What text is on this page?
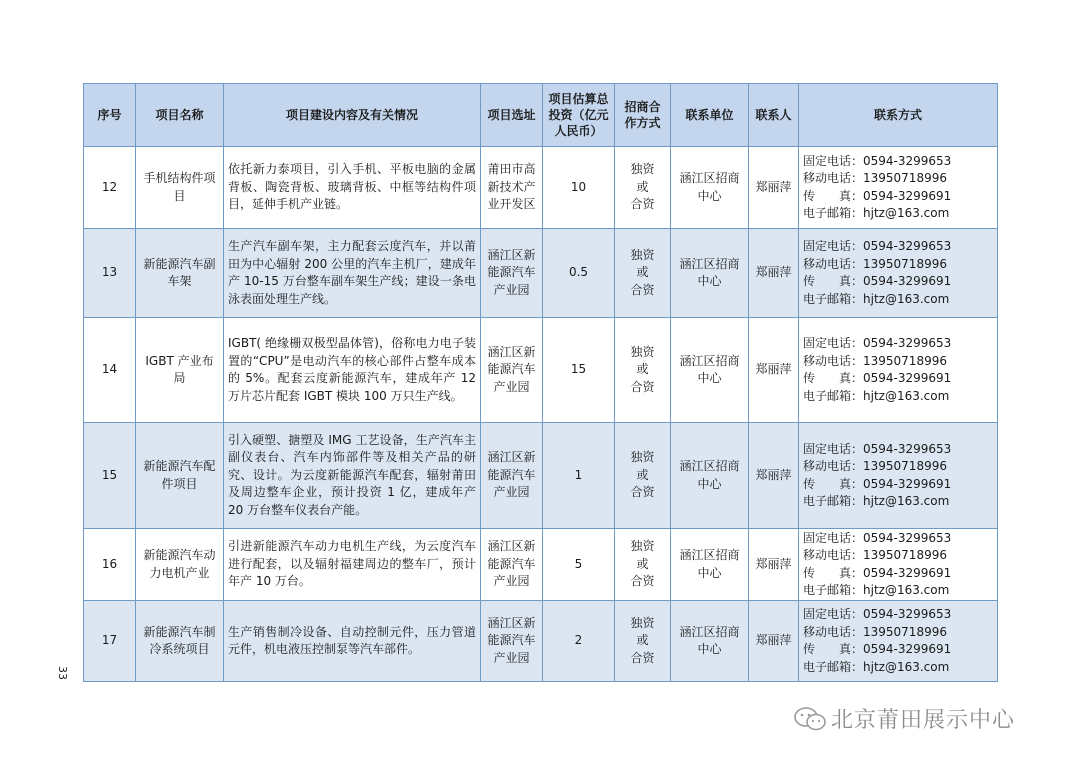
序号	项目名称	项目建设内容及有关情况	项目选址	项目估算总投资（亿元人民币）	招商合作方式	联系单位	联系人	联系方式
12	手机结构件项目	依托新力泰项目，引入手机、平板电脑的金属背板、陶瓷背板、玻璃背板、中框等结构件项目，延伸手机产业链。	莆田市高新技术产业开发区	10	独资
或
合资	涵江区招商中心	郑丽萍	固定电话：0594-3299653
移动电话：13950718996
传　　真：0594-3299691
电子邮箱：hjtz@163.com

13	新能源汽车副车架	生产汽车副车架，主力配套云度汽车，并以莆田为中心辐射 200 公里的汽车主机厂，建成年产 10-15 万台整车副车架生产线；建设一条电泳表面处理生产线。	涵江区新能源汽车产业园	0.5	独资
或
合资	涵江区招商中心	郑丽萍	固定电话：0594-3299653
移动电话：13950718996
传　　真：0594-3299691
电子邮箱：hjtz@163.com

14	IGBT 产业布局	IGBT( 绝缘栅双极型晶体管)，俗称电力电子装置的“CPU”是电动汽车的核心部件占整车成本的 5%。配套云度新能源汽车，建成年产 12 万片芯片配套 IGBT 模块 100 万只生产线。	涵江区新能源汽车产业园	15	独资
或
合资	涵江区招商中心	郑丽萍	固定电话：0594-3299653
移动电话：13950718996
传　　真：0594-3299691
电子邮箱：hjtz@163.com

15	新能源汽车配件项目	引入硬塑、搪塑及 IMG 工艺设备，生产汽车主副仪表台、汽车内饰部件等及相关产品的研究、设计。为云度新能源汽车配套，辐射莆田及周边整车企业，预计投资 1 亿，建成年产 20 万台整车仪表台产能。	涵江区新能源汽车产业园	1	独资
或
合资	涵江区招商中心	郑丽萍	固定电话：0594-3299653
移动电话：13950718996
传　　真：0594-3299691
电子邮箱：hjtz@163.com

16	新能源汽车动力电机产业	引进新能源汽车动力电机生产线，为云度汽车进行配套，以及辐射福建周边的整车厂，预计年产 10 万台。	涵江区新能源汽车产业园	5	独资
或
合资	涵江区招商中心	郑丽萍	固定电话：0594-3299653
移动电话：13950718996
传　　真：0594-3299691
电子邮箱：hjtz@163.com

17	新能源汽车制冷系统项目	生产销售制冷设备、自动控制元件，压力管道元件，机电液压控制泵等汽车部件。	涵江区新能源汽车产业园	2	独资
或
合资	涵江区招商中心	郑丽萍	固定电话：0594-3299653
移动电话：13950718996
传　　真：0594-3299691
电子邮箱：hjtz@163.com
33
北京莆田展示中心
